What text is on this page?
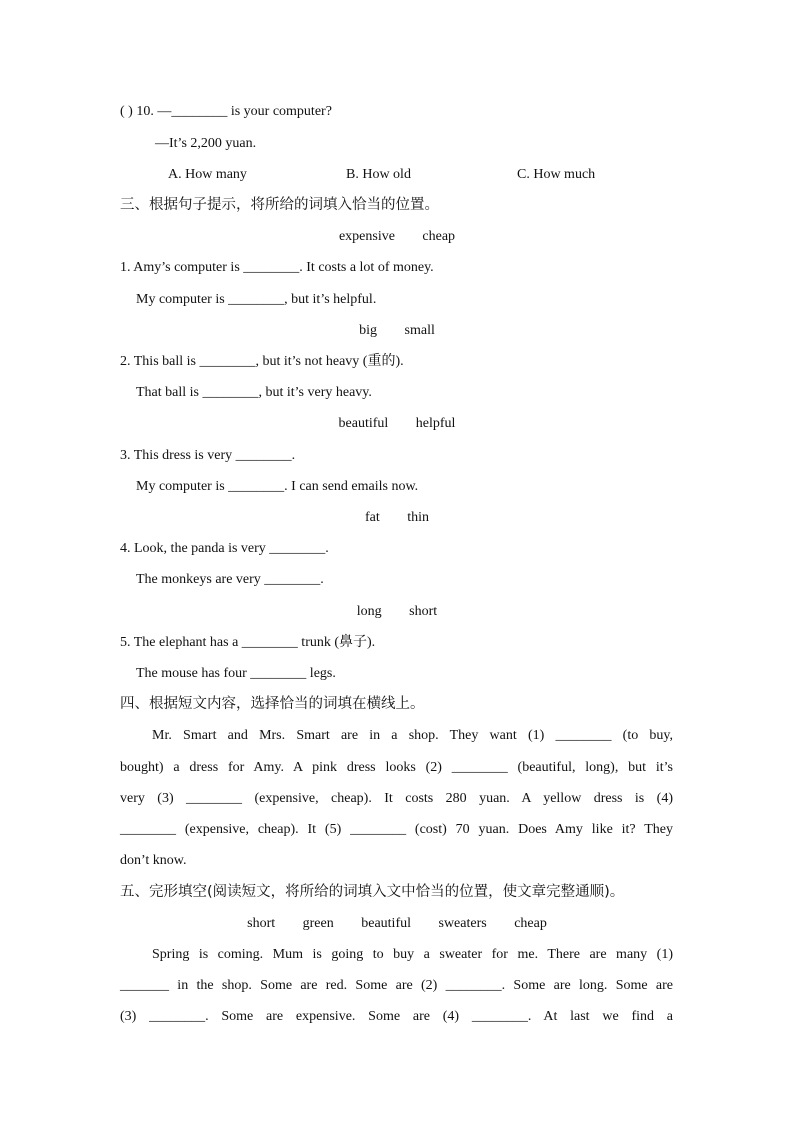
( ) 10. —________ is your computer?
—It’s 2,200 yuan.
A. How many	B. How old	C. How much
三、根据句子提示，将所给的词填入恰当的位置。
expensive cheap
1. Amy’s computer is ________. It costs a lot of money.
My computer is ________, but it’s helpful.
big small
2. This ball is ________, but it’s not heavy (重的).
That ball is ________, but it’s very heavy.
beautiful helpful
3. This dress is very ________.
My computer is ________. I can send emails now.
fat thin
4. Look, the panda is very ________.
The monkeys are very ________.
long short
5. The elephant has a ________ trunk (鼻子).
The mouse has four ________ legs.
四、根据短文内容，选择恰当的词填在横线上。
Mr. Smart and Mrs. Smart are in a shop. They want (1) ________ (to buy,
bought) a dress for Amy. A pink dress looks (2) ________ (beautiful, long), but it’s
very (3) ________ (expensive, cheap). It costs 280 yuan. A yellow dress is (4)
________ (expensive, cheap). It (5) ________ (cost) 70 yuan. Does Amy like it? They
don’t know.
五、完形填空(阅读短文，将所给的词填入文中恰当的位置，使文章完整通顺)。
short green beautiful sweaters cheap
Spring is coming. Mum is going to buy a sweater for me. There are many (1)
_______ in the shop. Some are red. Some are (2) ________. Some are long. Some are
(3) ________. Some are expensive. Some are (4) ________. At last we find a
